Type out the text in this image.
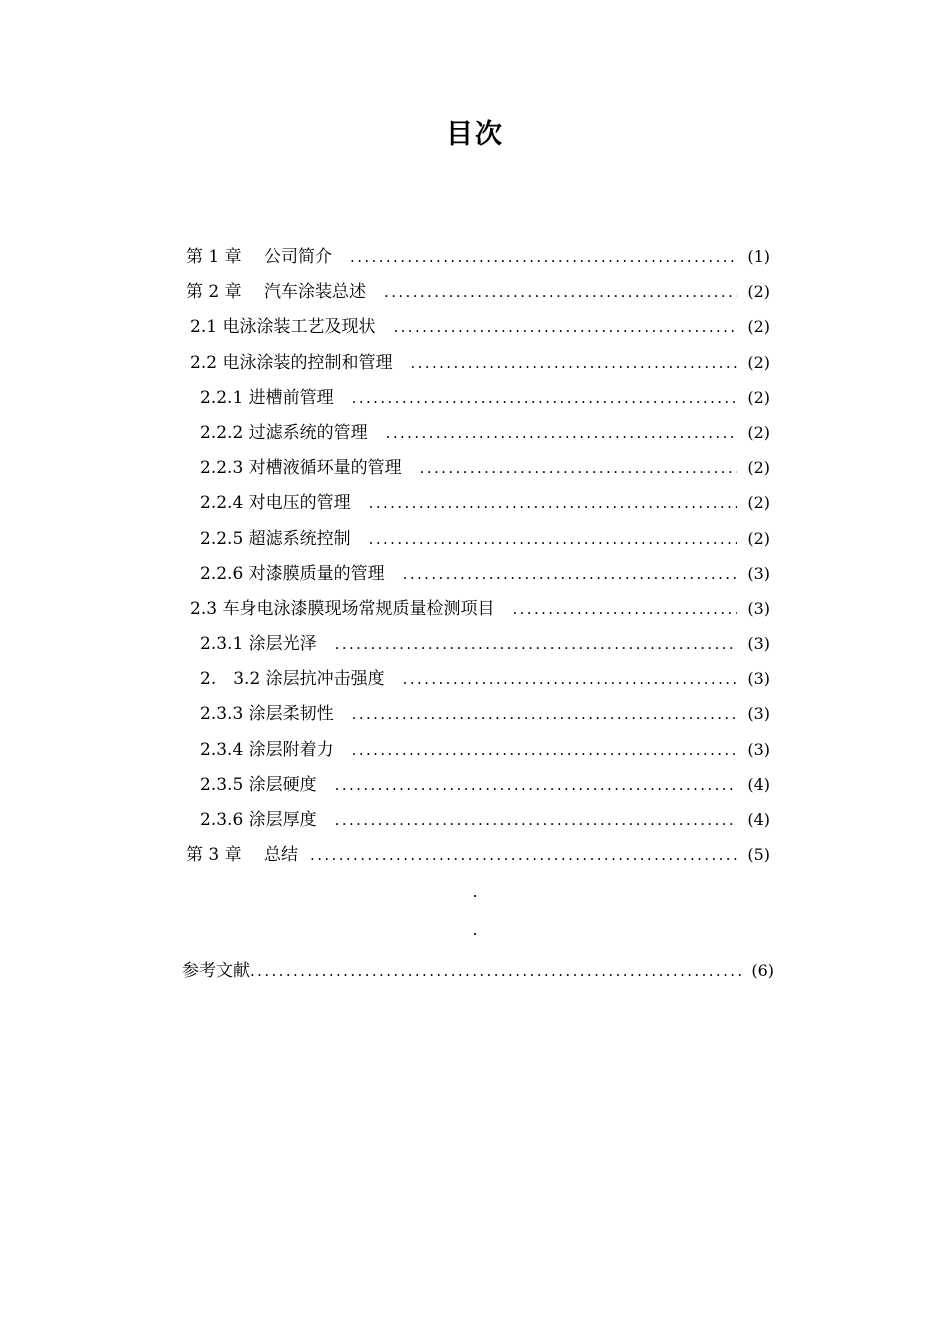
目次
第 1 章　 公司简介 .....	(1)
第 2 章　 汽车涂装总述 .....	(2)
2.1 电泳涂装工艺及现状 .....	(2)
2.2 电泳涂装的控制和管理 .....	(2)
2.2.1 进槽前管理 .....	(2)
2.2.2 过滤系统的管理 .....	(2)
2.2.3 对槽液循环量的管理 .....	(2)
2.2.4 对电压的管理 .....	(2)
2.2.5 超滤系统控制 .....	(2)
2.2.6 对漆膜质量的管理 .....	(3)
2.3 车身电泳漆膜现场常规质量检测项目 .....	(3)
2.3.1 涂层光泽 .....	(3)
2.　3.2 涂层抗冲击强度 .....	(3)
2.3.3 涂层柔韧性 .....	(3)
2.3.4 涂层附着力 .....	(3)
2.3.5 涂层硬度 .....	(4)
2.3.6 涂层厚度 .....	(4)
第 3 章　 总结 .....	(5)
.
.
参考文献 .....	(6)
